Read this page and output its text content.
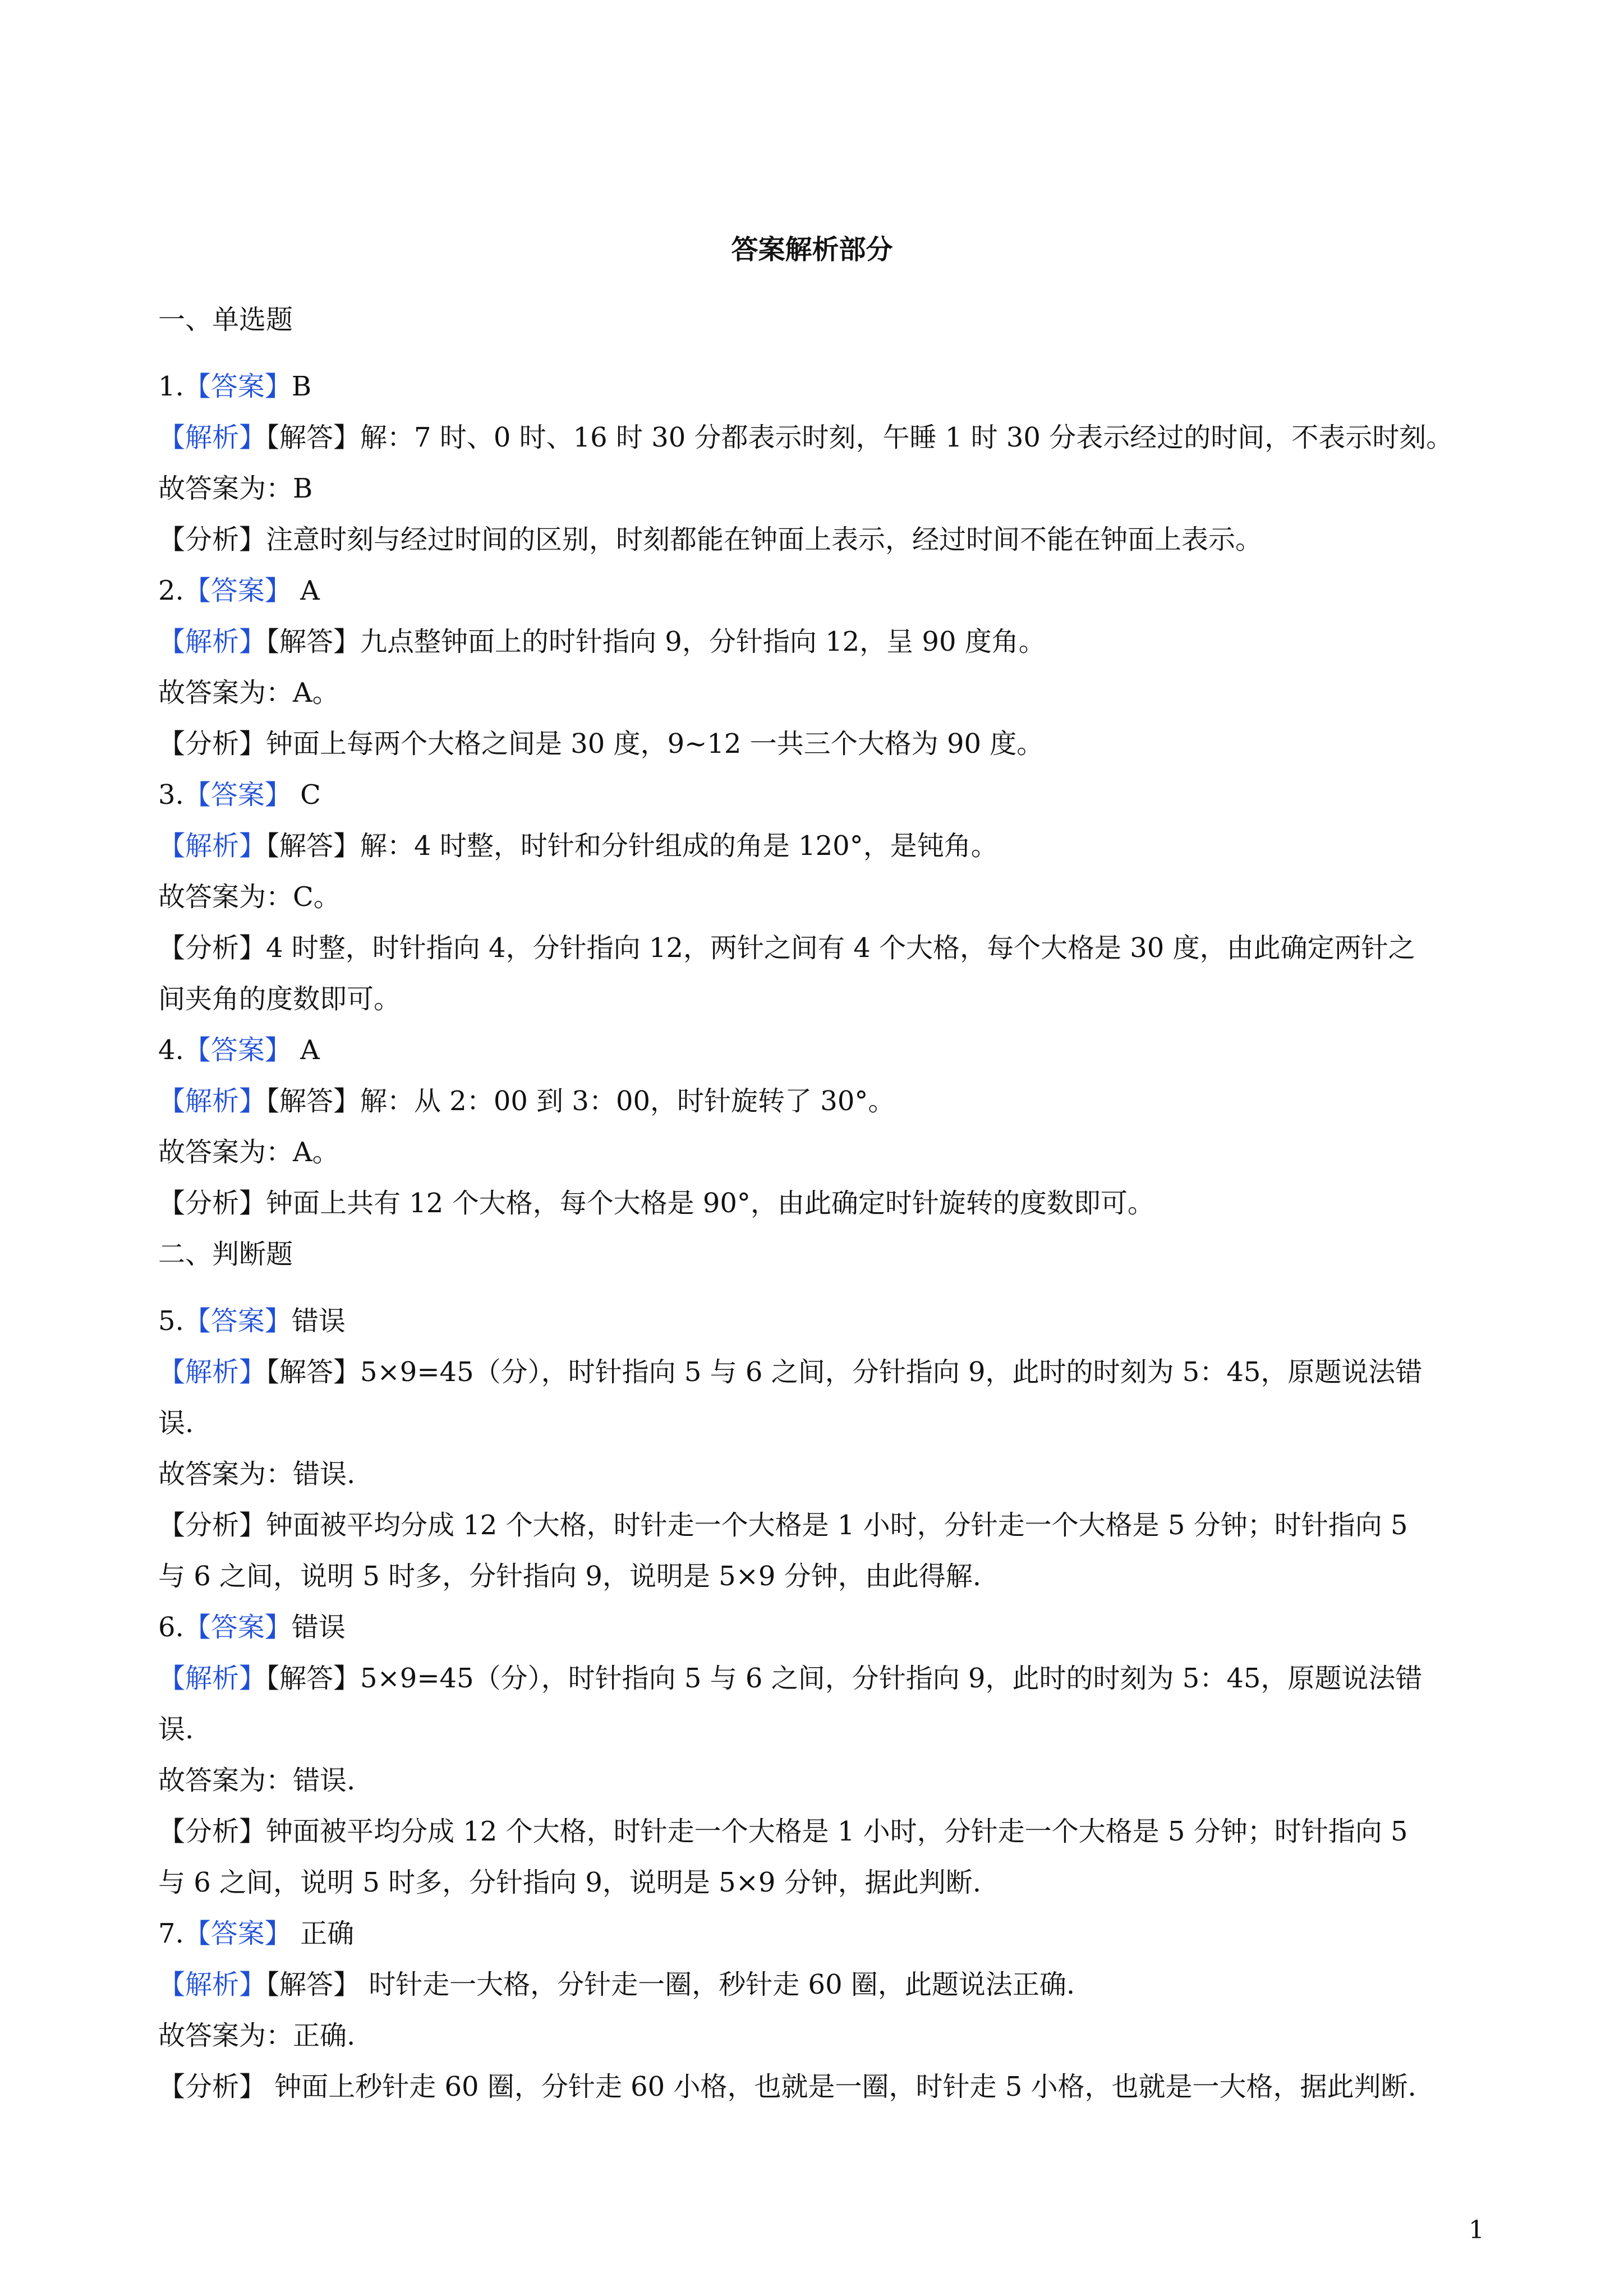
答案解析部分
一、单选题
1.【答案】B
【解析】【解答】解：7 时、0 时、16 时 30 分都表示时刻，午睡 1 时 30 分表示经过的时间，不表示时刻。
故答案为：B
【分析】注意时刻与经过时间的区别，时刻都能在钟面上表示，经过时间不能在钟面上表示。
2.【答案】 A
【解析】【解答】九点整钟面上的时针指向 9，分针指向 12，呈 90 度角。
故答案为：A。
【分析】钟面上每两个大格之间是 30 度，9~12 一共三个大格为 90 度。
3.【答案】 C
【解析】【解答】解：4 时整，时针和分针组成的角是 120°，是钝角。
故答案为：C。
【分析】4 时整，时针指向 4，分针指向 12，两针之间有 4 个大格，每个大格是 30 度，由此确定两针之
间夹角的度数即可。
4.【答案】 A
【解析】【解答】解：从 2：00 到 3：00，时针旋转了 30°。
故答案为：A。
【分析】钟面上共有 12 个大格，每个大格是 90°，由此确定时针旋转的度数即可。
二、判断题
5.【答案】错误
【解析】【解答】5×9=45（分），时针指向 5 与 6 之间，分针指向 9，此时的时刻为 5：45，原题说法错
误.
故答案为：错误.
【分析】钟面被平均分成 12 个大格，时针走一个大格是 1 小时，分针走一个大格是 5 分钟；时针指向 5
与 6 之间，说明 5 时多，分针指向 9，说明是 5×9 分钟，由此得解.
6.【答案】错误
【解析】【解答】5×9=45（分），时针指向 5 与 6 之间，分针指向 9，此时的时刻为 5：45，原题说法错
误.
故答案为：错误.
【分析】钟面被平均分成 12 个大格，时针走一个大格是 1 小时，分针走一个大格是 5 分钟；时针指向 5
与 6 之间，说明 5 时多，分针指向 9，说明是 5×9 分钟，据此判断.
7.【答案】 正确
【解析】【解答】 时针走一大格，分针走一圈，秒针走 60 圈，此题说法正确.
故答案为：正确.
【分析】 钟面上秒针走 60 圈，分针走 60 小格，也就是一圈，时针走 5 小格，也就是一大格，据此判断.
1
